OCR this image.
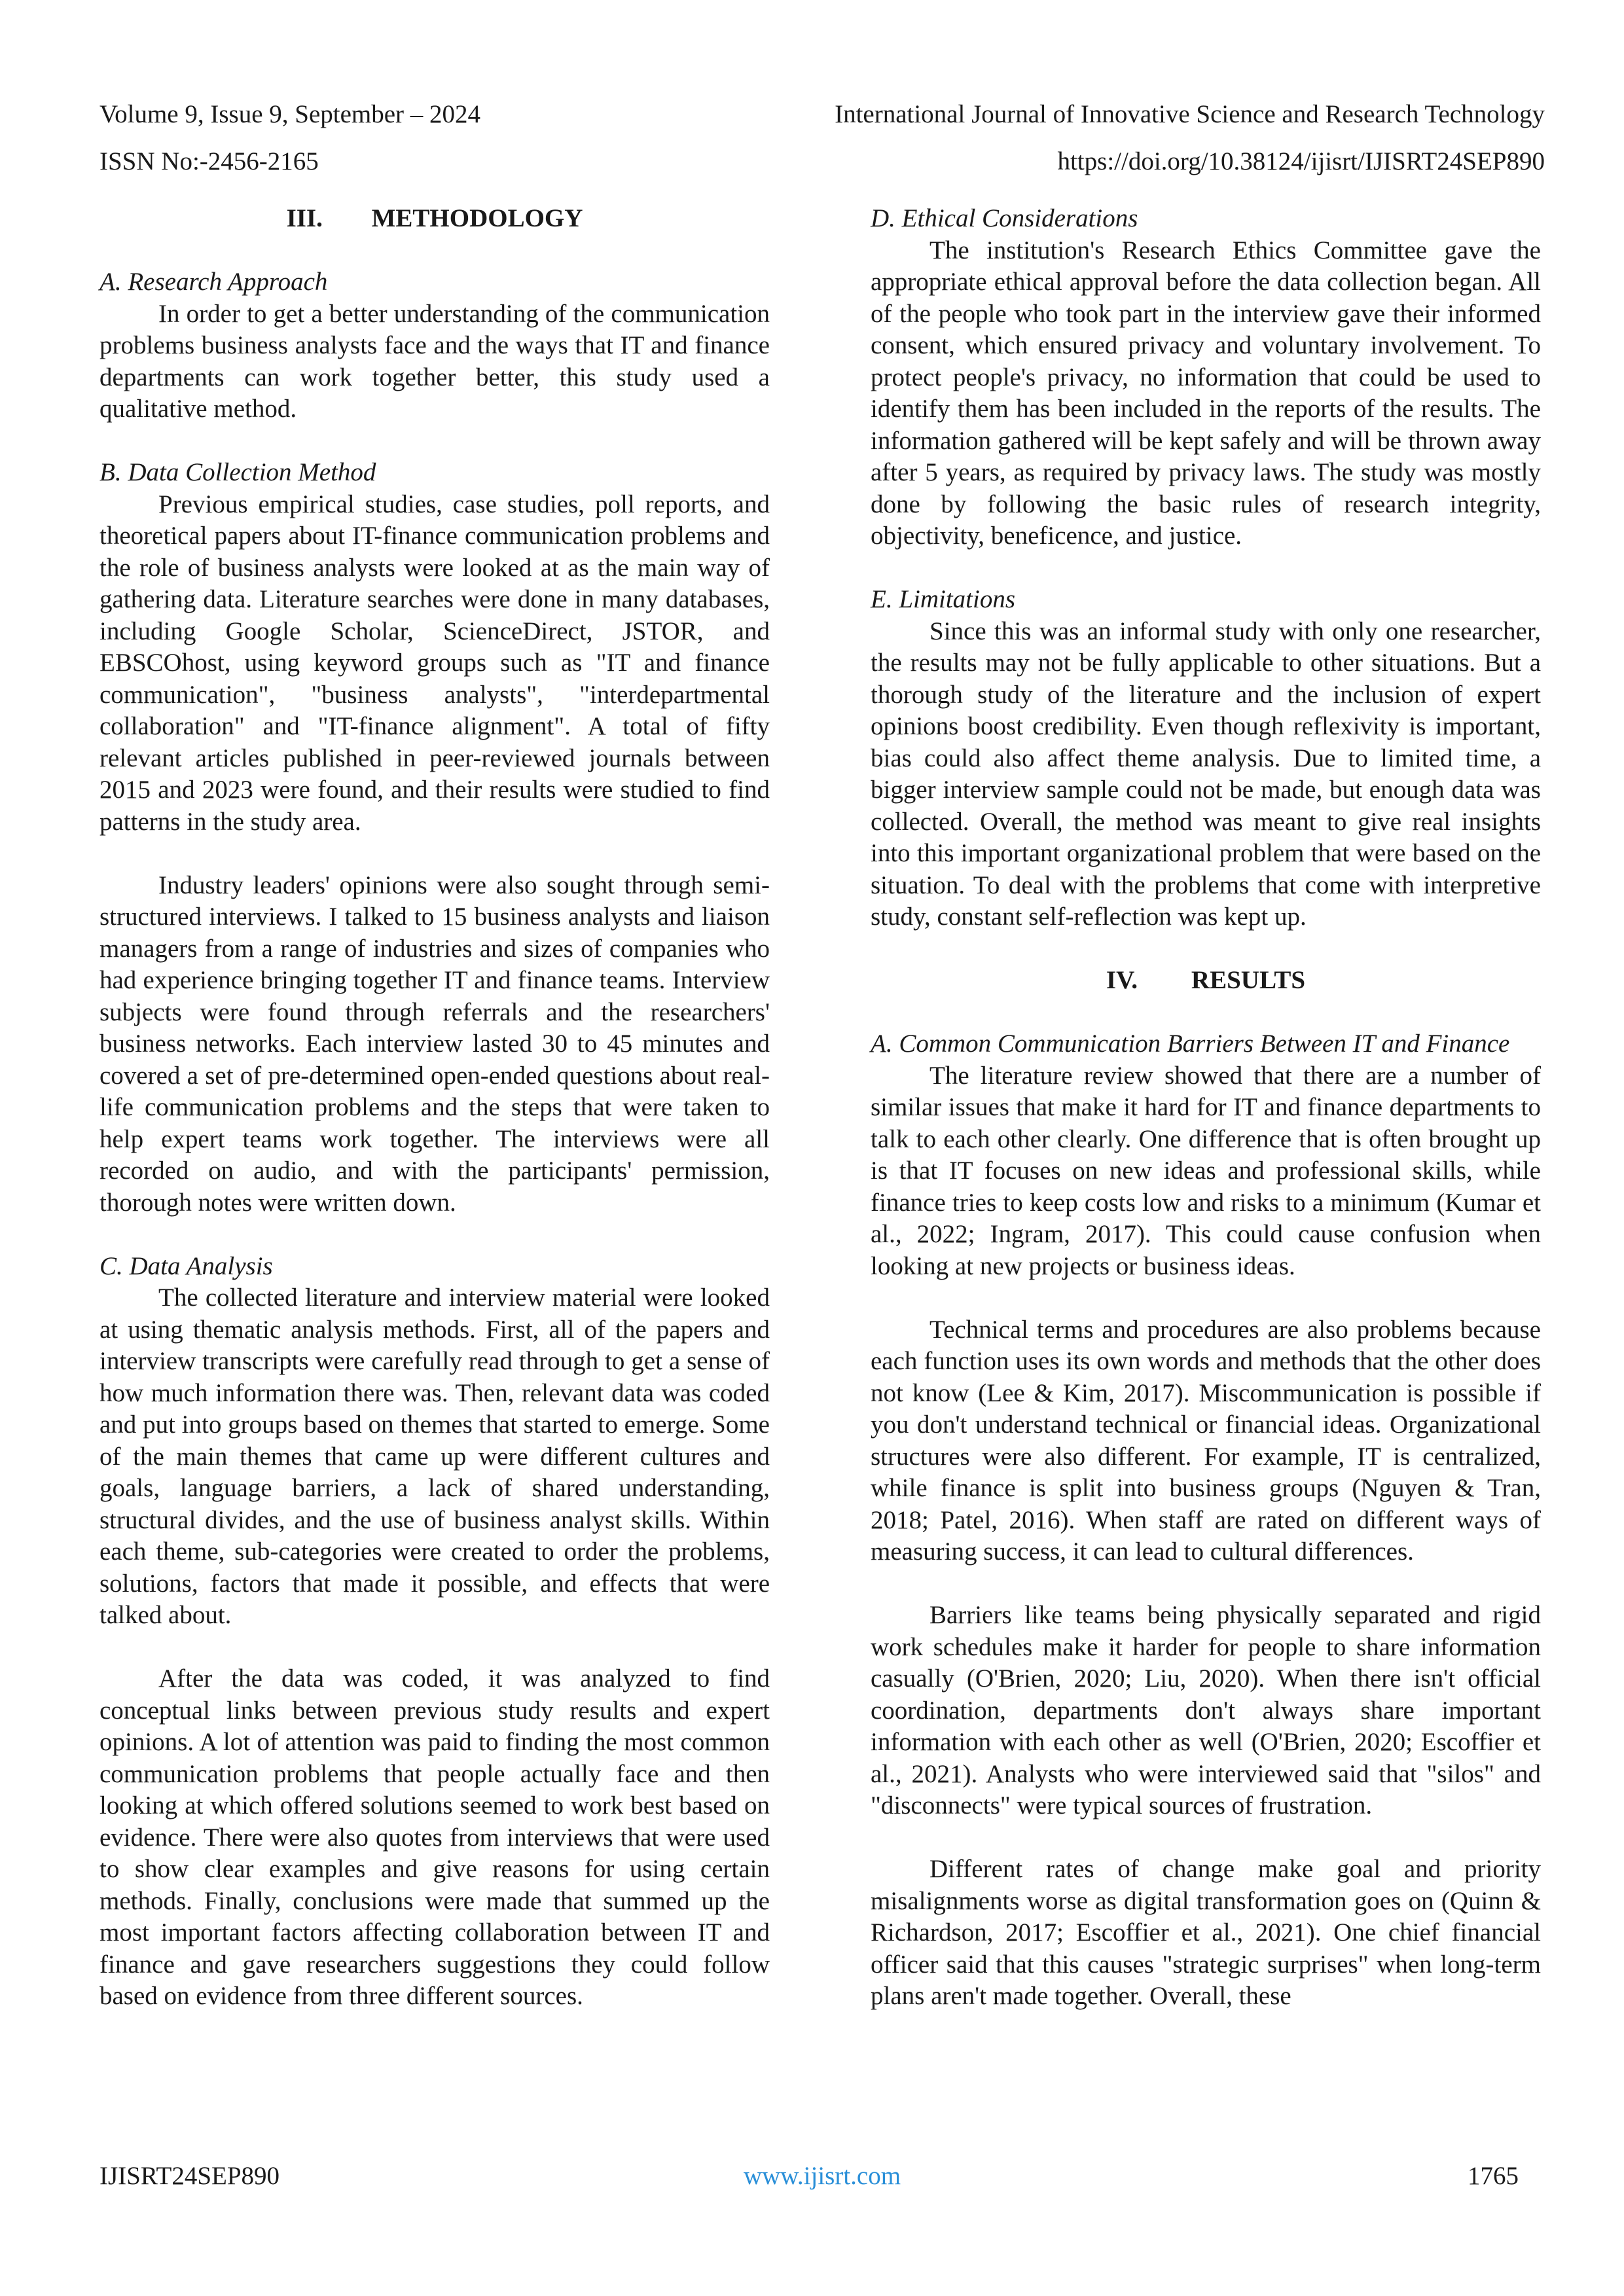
Volume 9, Issue 9, September – 2024	International Journal of Innovative Science and Research Technology
ISSN No:-2456-2165	https://doi.org/10.38124/ijisrt/IJISRT24SEP890
III. METHODOLOGY
A. Research Approach

In order to get a better understanding of the communication problems business analysts face and the ways that IT and finance departments can work together better, this study used a qualitative method.

B. Data Collection Method

Previous empirical studies, case studies, poll reports, and theoretical papers about IT-finance communication problems and the role of business analysts were looked at as the main way of gathering data. Literature searches were done in many databases, including Google Scholar, ScienceDirect, JSTOR, and EBSCOhost, using keyword groups such as "IT and finance communication", "business analysts", "interdepartmental collaboration" and "IT-finance alignment". A total of fifty relevant articles published in peer-reviewed journals between 2015 and 2023 were found, and their results were studied to find patterns in the study area.

Industry leaders' opinions were also sought through semi-structured interviews. I talked to 15 business analysts and liaison managers from a range of industries and sizes of companies who had experience bringing together IT and finance teams. Interview subjects were found through referrals and the researchers' business networks. Each interview lasted 30 to 45 minutes and covered a set of pre-determined open-ended questions about real-life communication problems and the steps that were taken to help expert teams work together. The interviews were all recorded on audio, and with the participants' permission, thorough notes were written down.

C. Data Analysis

The collected literature and interview material were looked at using thematic analysis methods. First, all of the papers and interview transcripts were carefully read through to get a sense of how much information there was. Then, relevant data was coded and put into groups based on themes that started to emerge. Some of the main themes that came up were different cultures and goals, language barriers, a lack of shared understanding, structural divides, and the use of business analyst skills. Within each theme, sub-categories were created to order the problems, solutions, factors that made it possible, and effects that were talked about.

After the data was coded, it was analyzed to find conceptual links between previous study results and expert opinions. A lot of attention was paid to finding the most common communication problems that people actually face and then looking at which offered solutions seemed to work best based on evidence. There were also quotes from interviews that were used to show clear examples and give reasons for using certain methods. Finally, conclusions were made that summed up the most important factors affecting collaboration between IT and finance and gave researchers suggestions they could follow based on evidence from three different sources.

D. Ethical Considerations

The institution's Research Ethics Committee gave the appropriate ethical approval before the data collection began. All of the people who took part in the interview gave their informed consent, which ensured privacy and voluntary involvement. To protect people's privacy, no information that could be used to identify them has been included in the reports of the results. The information gathered will be kept safely and will be thrown away after 5 years, as required by privacy laws. The study was mostly done by following the basic rules of research integrity, objectivity, beneficence, and justice.

E. Limitations

Since this was an informal study with only one researcher, the results may not be fully applicable to other situations. But a thorough study of the literature and the inclusion of expert opinions boost credibility. Even though reflexivity is important, bias could also affect theme analysis. Due to limited time, a bigger interview sample could not be made, but enough data was collected. Overall, the method was meant to give real insights into this important organizational problem that were based on the situation. To deal with the problems that come with interpretive study, constant self-reflection was kept up.

IV. RESULTS
A. Common Communication Barriers Between IT and Finance

The literature review showed that there are a number of similar issues that make it hard for IT and finance departments to talk to each other clearly. One difference that is often brought up is that IT focuses on new ideas and professional skills, while finance tries to keep costs low and risks to a minimum (Kumar et al., 2022; Ingram, 2017). This could cause confusion when looking at new projects or business ideas.

Technical terms and procedures are also problems because each function uses its own words and methods that the other does not know (Lee & Kim, 2017). Miscommunication is possible if you don't understand technical or financial ideas. Organizational structures were also different. For example, IT is centralized, while finance is split into business groups (Nguyen & Tran, 2018; Patel, 2016). When staff are rated on different ways of measuring success, it can lead to cultural differences.

Barriers like teams being physically separated and rigid work schedules make it harder for people to share information casually (O'Brien, 2020; Liu, 2020). When there isn't official coordination, departments don't always share important information with each other as well (O'Brien, 2020; Escoffier et al., 2021). Analysts who were interviewed said that "silos" and "disconnects" were typical sources of frustration.

Different rates of change make goal and priority misalignments worse as digital transformation goes on (Quinn & Richardson, 2017; Escoffier et al., 2021). One chief financial officer said that this causes "strategic surprises" when long-term plans aren't made together. Overall, these

IJISRT24SEP890	www.ijisrt.com	1765
